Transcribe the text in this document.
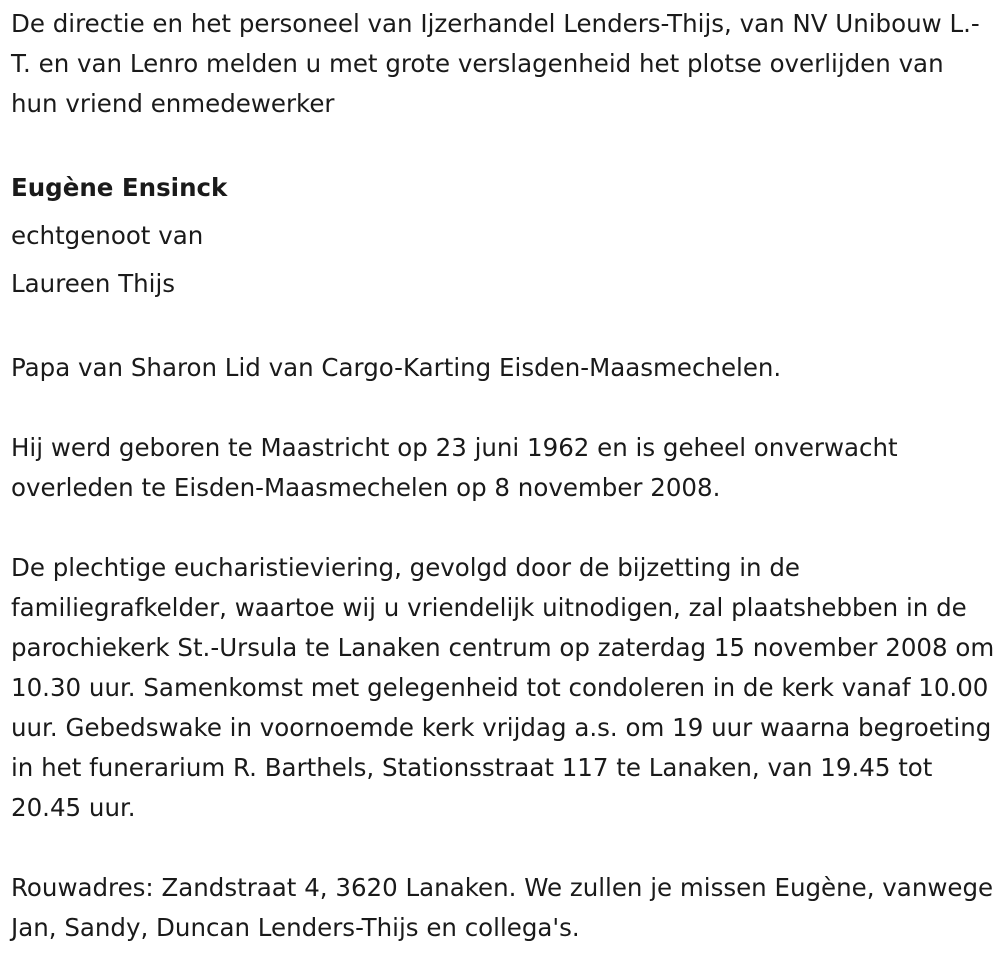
De directie en het personeel van Ijzerhandel Lenders-Thijs, van NV Unibouw L.-T. en van Lenro melden u met grote verslagenheid het plotse overlijden van hun vriend enmedewerker

Eugène Ensinck

echtgenoot van

Laureen Thijs

Papa van Sharon Lid van Cargo-Karting Eisden-Maasmechelen.

Hij werd geboren te Maastricht op 23 juni 1962 en is geheel onverwacht overleden te Eisden-Maasmechelen op 8 november 2008.

De plechtige eucharistieviering, gevolgd door de bijzetting in de familiegrafkelder, waartoe wij u vriendelijk uitnodigen, zal plaatshebben in de parochiekerk St.-Ursula te Lanaken centrum op zaterdag 15 november 2008 om 10.30 uur. Samenkomst met gelegenheid tot condoleren in de kerk vanaf 10.00 uur. Gebedswake in voornoemde kerk vrijdag a.s. om 19 uur waarna begroeting in het funerarium R. Barthels, Stationsstraat 117 te Lanaken, van 19.45 tot 20.45 uur.

Rouwadres: Zandstraat 4, 3620 Lanaken. We zullen je missen Eugène, vanwege Jan, Sandy, Duncan Lenders-Thijs en collega's.
